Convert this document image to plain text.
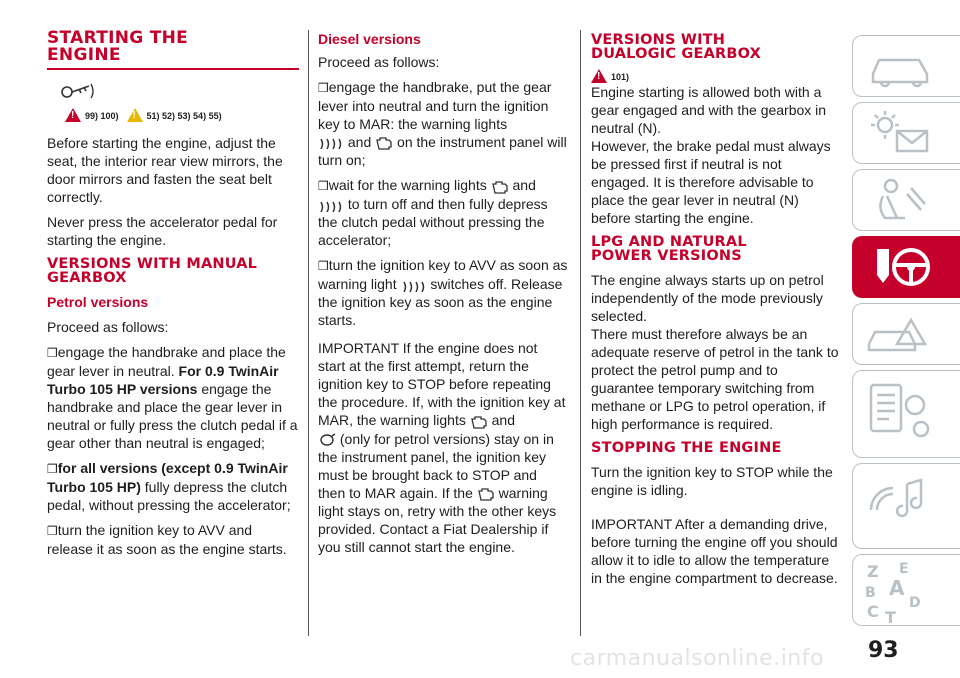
STARTING THE ENGINE
!
99) 100)
!	51) 52) 53) 54) 55)

Before starting the engine, adjust the seat, the interior rear view mirrors, the door mirrors and fasten the seat belt correctly.

Never press the accelerator pedal for starting the engine.

VERSIONS WITH MANUAL GEARBOX
Petrol versions

Proceed as follows:

❒engage the handbrake and place the gear lever in neutral. For 0.9 TwinAir Turbo 105 HP versions engage the handbrake and place the gear lever in neutral or fully press the clutch pedal if a gear other than neutral is engaged;

❒for all versions (except 0.9 TwinAir Turbo 105 HP) fully depress the clutch pedal, without pressing the accelerator;

❒turn the ignition key to AVV and release it as soon as the engine starts.

Diesel versions

Proceed as follows:

❒engage the handbrake, put the gear lever into neutral and turn the ignition key to MAR: the warning lights
and on the instrument panel will turn on;

❒wait for the warning lights and
to turn off and then fully depress the clutch pedal without pressing the accelerator;

❒turn the ignition key to AVV as soon as warning light switches off. Release the ignition key as soon as the engine starts.

IMPORTANT If the engine does not start at the first attempt, return the ignition key to STOP before repeating the procedure. If, with the ignition key at MAR, the warning lights and
(only for petrol versions) stay on in the instrument panel, the ignition key must be brought back to STOP and then to MAR again. If the warning light stays on, retry with the other keys provided. Contact a Fiat Dealership if you still cannot start the engine.

VERSIONS WITH DUALOGIC GEARBOX
!
101)

Engine starting is allowed both with a gear engaged and with the gearbox in neutral (N).
However, the brake pedal must always be pressed first if neutral is not engaged. It is therefore advisable to place the gear lever in neutral (N) before starting the engine.

LPG AND NATURAL POWER VERSIONS

The engine always starts up on petrol independently of the mode previously selected.
There must therefore always be an adequate reserve of petrol in the tank to protect the petrol pump and to guarantee temporary switching from methane or LPG to petrol operation, if high performance is required.

STOPPING THE ENGINE

Turn the ignition key to STOP while the engine is idling.

IMPORTANT After a demanding drive, before turning the engine off you should allow it to idle to allow the temperature in the engine compartment to decrease. Z E
B A
D
C T
carmanualsonline.info 93
